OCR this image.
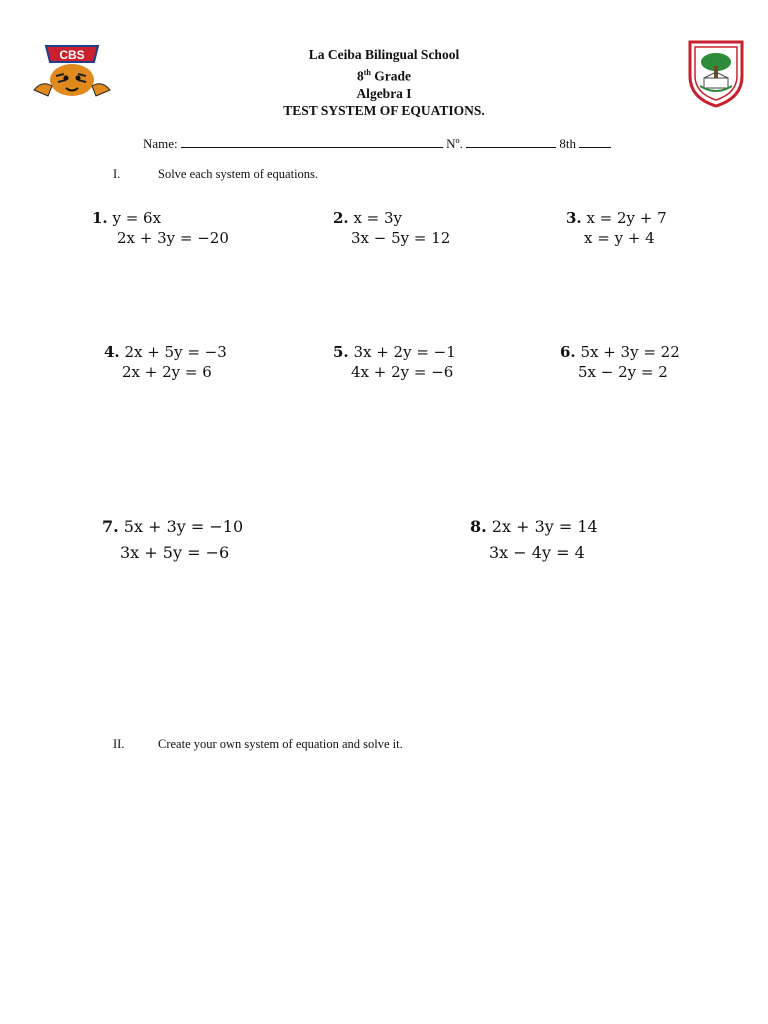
CBS	La Ceiba Bilingual School
8th Grade
Algebra I
TEST SYSTEM OF EQUATIONS.
Name:	Nº.	8th
I.	Solve each system of equations.
1. y = 6x
2x + 3y = −20
2. x = 3y
3x − 5y = 12
3. x = 2y + 7
x = y + 4
4. 2x + 5y = −3
2x + 2y = 6
5. 3x + 2y = −1
4x + 2y = −6
6. 5x + 3y = 22
5x − 2y = 2
7. 5x + 3y = −10
3x + 5y = −6
8. 2x + 3y = 14
3x − 4y = 4
II.	Create your own system of equation and solve it.
